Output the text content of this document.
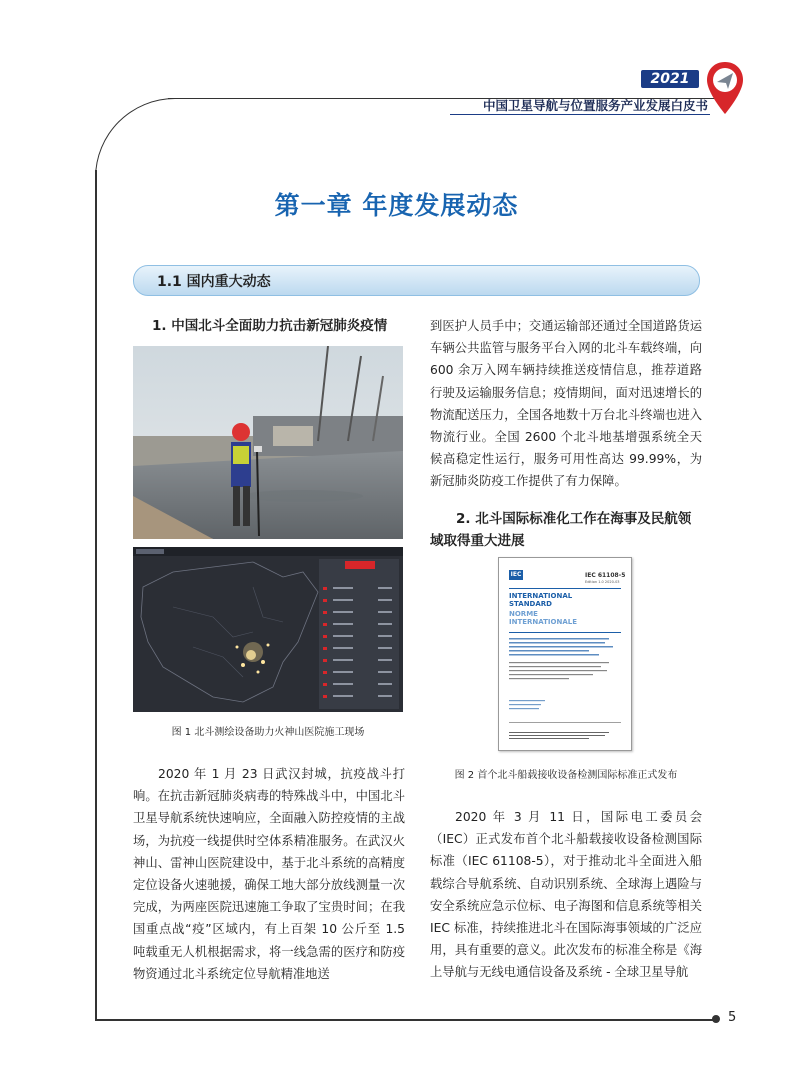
2021
中国卫星导航与位置服务产业发展白皮书
第一章 年度发展动态
1.1 国内重大动态
1. 中国北斗全面助力抗击新冠肺炎疫情
图 1 北斗测绘设备助力火神山医院施工现场

2020 年 1 月 23 日武汉封城，抗疫战斗打响。在抗击新冠肺炎病毒的特殊战斗中，中国北斗卫星导航系统快速响应，全面融入防控疫情的主战场，为抗疫一线提供时空体系精准服务。在武汉火神山、雷神山医院建设中，基于北斗系统的高精度定位设备火速驰援，确保工地大部分放线测量一次完成，为两座医院迅速施工争取了宝贵时间；在我国重点战“疫”区域内，有上百架 10 公斤至 1.5 吨载重无人机根据需求，将一线急需的医疗和防疫物资通过北斗系统定位导航精准地送

到医护人员手中；交通运输部还通过全国道路货运车辆公共监管与服务平台入网的北斗车载终端，向 600 余万入网车辆持续推送疫情信息，推荐道路行驶及运输服务信息；疫情期间，面对迅速增长的物流配送压力，全国各地数十万台北斗终端也进入物流行业。全国 2600 个北斗地基增强系统全天候高稳定性运行，服务可用性高达 99.99%，为新冠肺炎防疫工作提供了有力保障。

2. 北斗国际标准化工作在海事及民航领域取得重大进展
IEC	IEC 61108-5
Edition 1.0 2020-03
INTERNATIONAL STANDARD
NORME INTERNATIONALE
图 2 首个北斗船载接收设备检测国际标准正式发布

2020 年 3 月 11 日，国际电工委员会（IEC）正式发布首个北斗船载接收设备检测国际标准（IEC 61108-5），对于推动北斗全面进入船载综合导航系统、自动识别系统、全球海上遇险与安全系统应急示位标、电子海图和信息系统等相关 IEC 标准，持续推进北斗在国际海事领域的广泛应用，具有重要的意义。此次发布的标准全称是《海上导航与无线电通信设备及系统 - 全球卫星导航

5
